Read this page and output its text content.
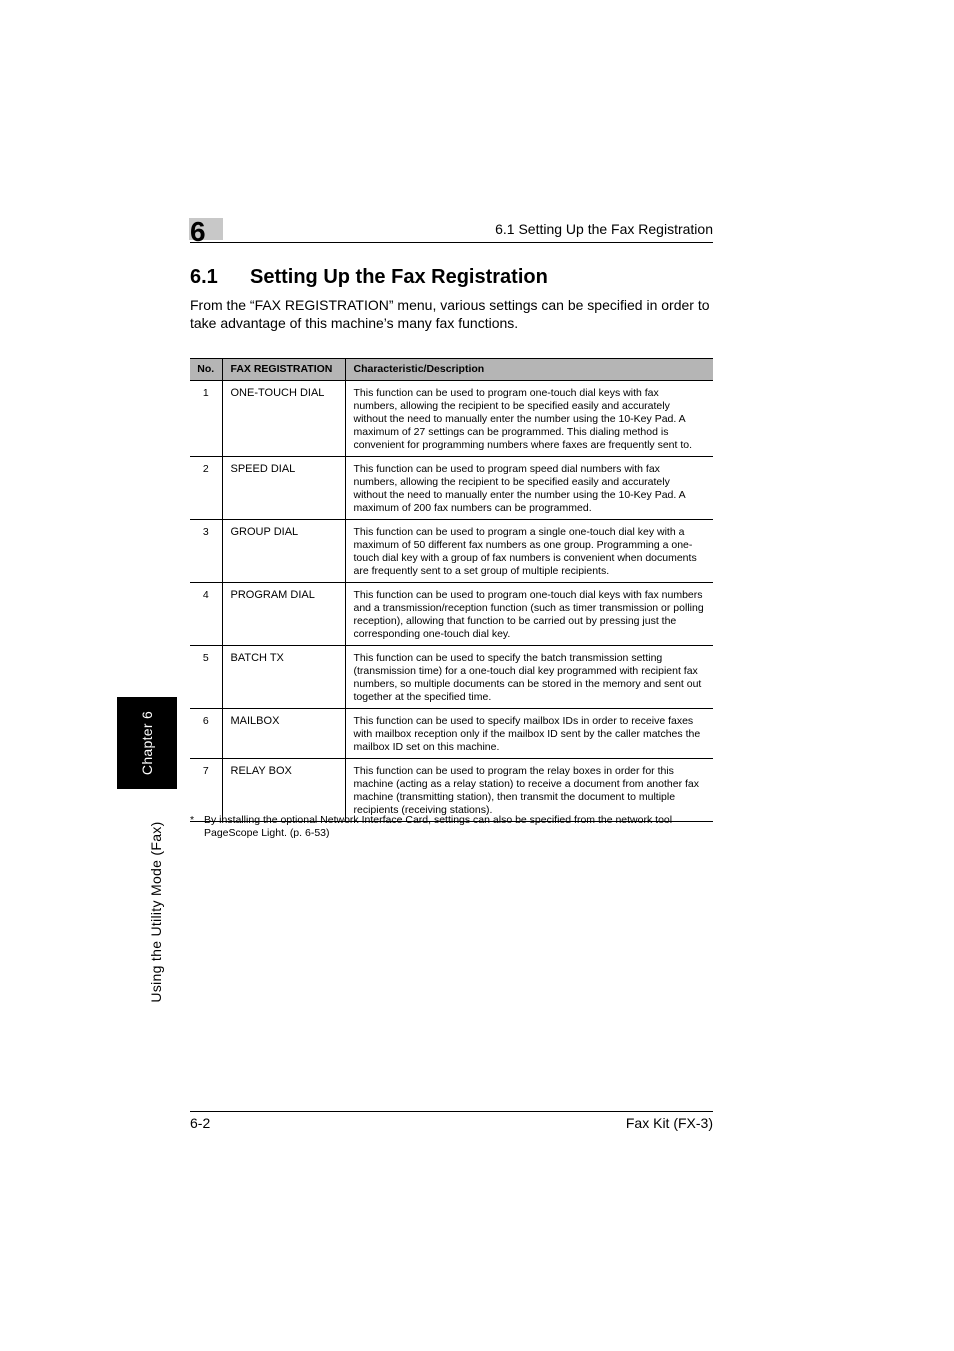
6	6.1 Setting Up the Fax Registration
6.1 Setting Up the Fax Registration

From the “FAX REGISTRATION” menu, various settings can be specified in order to take advantage of this machine’s many fax functions.

No.	FAX REGISTRATION	Characteristic/Description
1	ONE-TOUCH DIAL	This function can be used to program one-touch dial keys with fax numbers, allowing the recipient to be specified easily and accurately without the need to manually enter the number using the 10-Key Pad. A maximum of 27 settings can be programmed. This dialing method is convenient for programming numbers where faxes are frequently sent to.
2	SPEED DIAL	This function can be used to program speed dial numbers with fax numbers, allowing the recipient to be specified easily and accurately without the need to manually enter the number using the 10-Key Pad. A maximum of 200 fax numbers can be programmed.
3	GROUP DIAL	This function can be used to program a single one-touch dial key with a maximum of 50 different fax numbers as one group. Programming a one-touch dial key with a group of fax numbers is convenient when documents are frequently sent to a set group of multiple recipients.
4	PROGRAM DIAL	This function can be used to program one-touch dial keys with fax numbers and a transmission/reception function (such as timer transmission or polling reception), allowing that function to be carried out by pressing just the corresponding one-touch dial key.
5	BATCH TX	This function can be used to specify the batch transmission setting (transmission time) for a one-touch dial key programmed with recipient fax numbers, so multiple documents can be stored in the memory and sent out together at the specified time.
6	MAILBOX	This function can be used to specify mailbox IDs in order to receive faxes with mailbox reception only if the mailbox ID sent by the caller matches the mailbox ID set on this machine.
7	RELAY BOX	This function can be used to program the relay boxes in order for this machine (acting as a relay station) to receive a document from another fax machine (transmitting station), then transmit the document to multiple recipients (receiving stations).
* By installing the optional Network Interface Card, settings can also be specified from the network tool PageScope Light. (p. 6-53)
Chapter 6
Using the Utility Mode (Fax)
6-2	Fax Kit (FX-3)
